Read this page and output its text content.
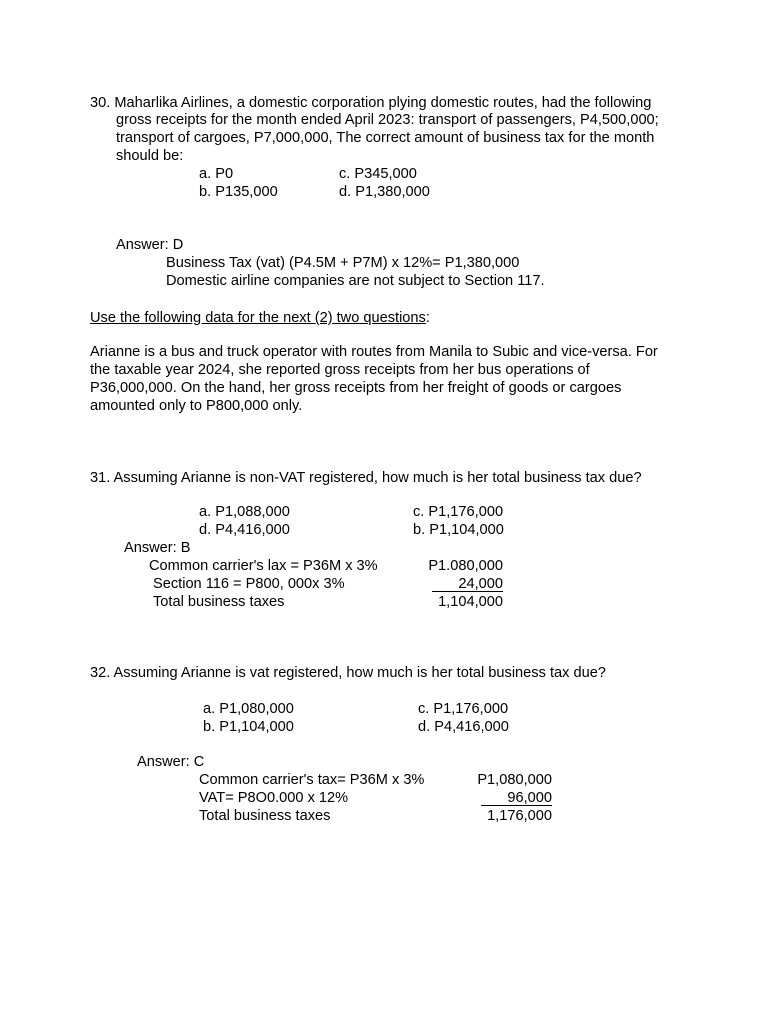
30. Maharlika Airlines, a domestic corporation plying domestic routes, had the following
gross receipts for the month ended April 2023: transport of passengers, P4,500,000;
transport of cargoes, P7,000,000, The correct amount of business tax for the month
should be:
a. P0	c. P345,000
b. P135,000	d. P1,380,000
Answer: D
Business Tax (vat) (P4.5M + P7M) x 12%= P1,380,000
Domestic airline companies are not subject to Section 117.
Use the following data for the next (2) two questions:
Arianne is a bus and truck operator with routes from Manila to Subic and vice-versa. For
the taxable year 2024, she reported gross receipts from her bus operations of
P36,000,000. On the hand, her gross receipts from her freight of goods or cargoes
amounted only to P800,000 only.
31. Assuming Arianne is non-VAT registered, how much is her total business tax due?
a. P1,088,000	c. P1,176,000
d. P4,416,000	b. P1,104,000
Answer: B
Common carrier's lax = P36M x 3%	P1.080,000
Section 116 = P800, 000x 3%	24,000
Total business taxes	1,104,000
32. Assuming Arianne is vat registered, how much is her total business tax due?
a. P1,080,000	c. P1,176,000
b. P1,104,000	d. P4,416,000
Answer: C
Common carrier's tax= P36M x 3%	P1,080,000
VAT= P8O0.000 x 12%	96,000
Total business taxes	1,176,000
